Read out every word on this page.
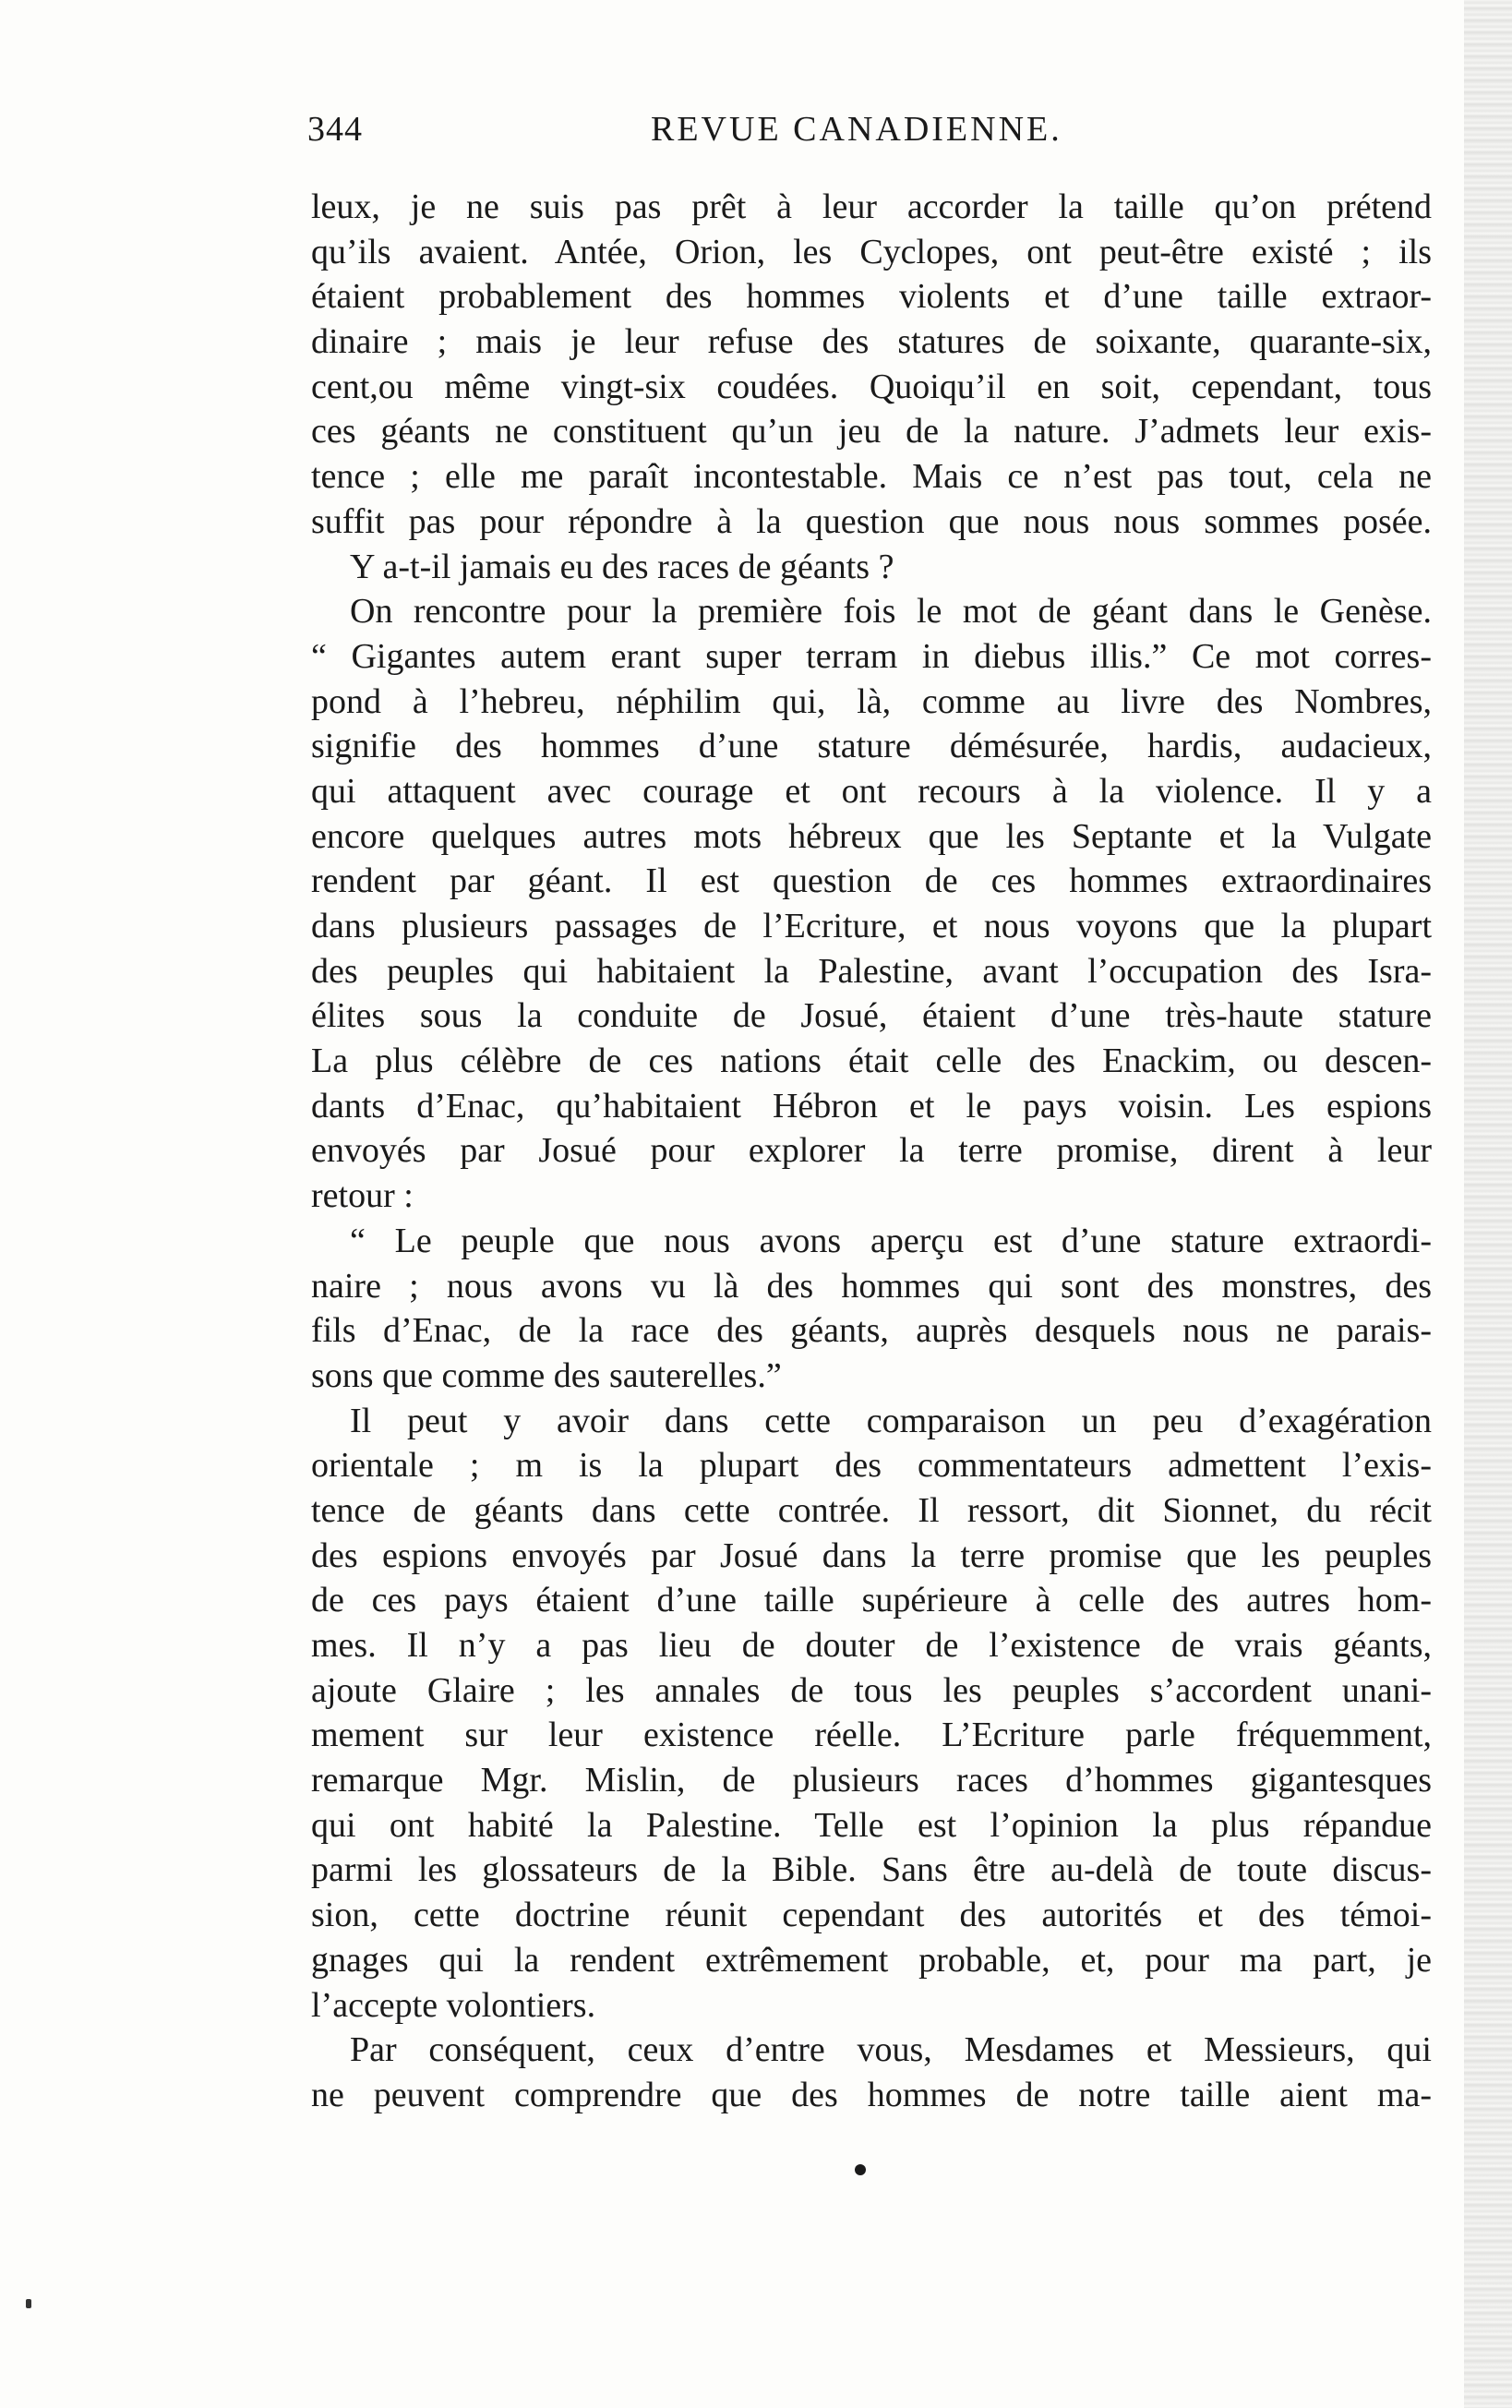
344	REVUE CANADIENNE.
leux, je ne suis pas prêt à leur accorder la taille qu’on prétend
qu’ils avaient. Antée, Orion, les Cyclopes, ont peut-être existé ; ils
étaient probablement des hommes violents et d’une taille extraor-
dinaire ; mais je leur refuse des statures de soixante, quarante-six,
cent,ou même vingt-six coudées. Quoiqu’il en soit, cependant, tous
ces géants ne constituent qu’un jeu de la nature. J’admets leur exis-
tence ; elle me paraît incontestable. Mais ce n’est pas tout, cela ne
suffit pas pour répondre à la question que nous nous sommes posée.
Y a-t-il jamais eu des races de géants ?
On rencontre pour la première fois le mot de géant dans le Genèse.
“ Gigantes autem erant super terram in diebus illis.” Ce mot corres-
pond à l’hebreu, néphilim qui, là, comme au livre des Nombres,
signifie des hommes d’une stature démésurée, hardis, audacieux,
qui attaquent avec courage et ont recours à la violence. Il y a
encore quelques autres mots hébreux que les Septante et la Vulgate
rendent par géant. Il est question de ces hommes extraordinaires
dans plusieurs passages de l’Ecriture, et nous voyons que la plupart
des peuples qui habitaient la Palestine, avant l’occupation des Isra-
élites sous la conduite de Josué, étaient d’une très-haute stature
La plus célèbre de ces nations était celle des Enackim, ou descen-
dants d’Enac, qu’habitaient Hébron et le pays voisin. Les espions
envoyés par Josué pour explorer la terre promise, dirent à leur
retour :
“ Le peuple que nous avons aperçu est d’une stature extraordi-
naire ; nous avons vu là des hommes qui sont des monstres, des
fils d’Enac, de la race des géants, auprès desquels nous ne parais-
sons que comme des sauterelles.”
Il peut y avoir dans cette comparaison un peu d’exagération
orientale ; m is la plupart des commentateurs admettent l’exis-
tence de géants dans cette contrée. Il ressort, dit Sionnet, du récit
des espions envoyés par Josué dans la terre promise que les peuples
de ces pays étaient d’une taille supérieure à celle des autres hom-
mes. Il n’y a pas lieu de douter de l’existence de vrais géants,
ajoute Glaire ; les annales de tous les peuples s’accordent unani-
mement sur leur existence réelle. L’Ecriture parle fréquemment,
remarque Mgr. Mislin, de plusieurs races d’hommes gigantesques
qui ont habité la Palestine. Telle est l’opinion la plus répandue
parmi les glossateurs de la Bible. Sans être au-delà de toute discus-
sion, cette doctrine réunit cependant des autorités et des témoi-
gnages qui la rendent extrêmement probable, et, pour ma part, je
l’accepte volontiers.
Par conséquent, ceux d’entre vous, Mesdames et Messieurs, qui
ne peuvent comprendre que des hommes de notre taille aient ma-
